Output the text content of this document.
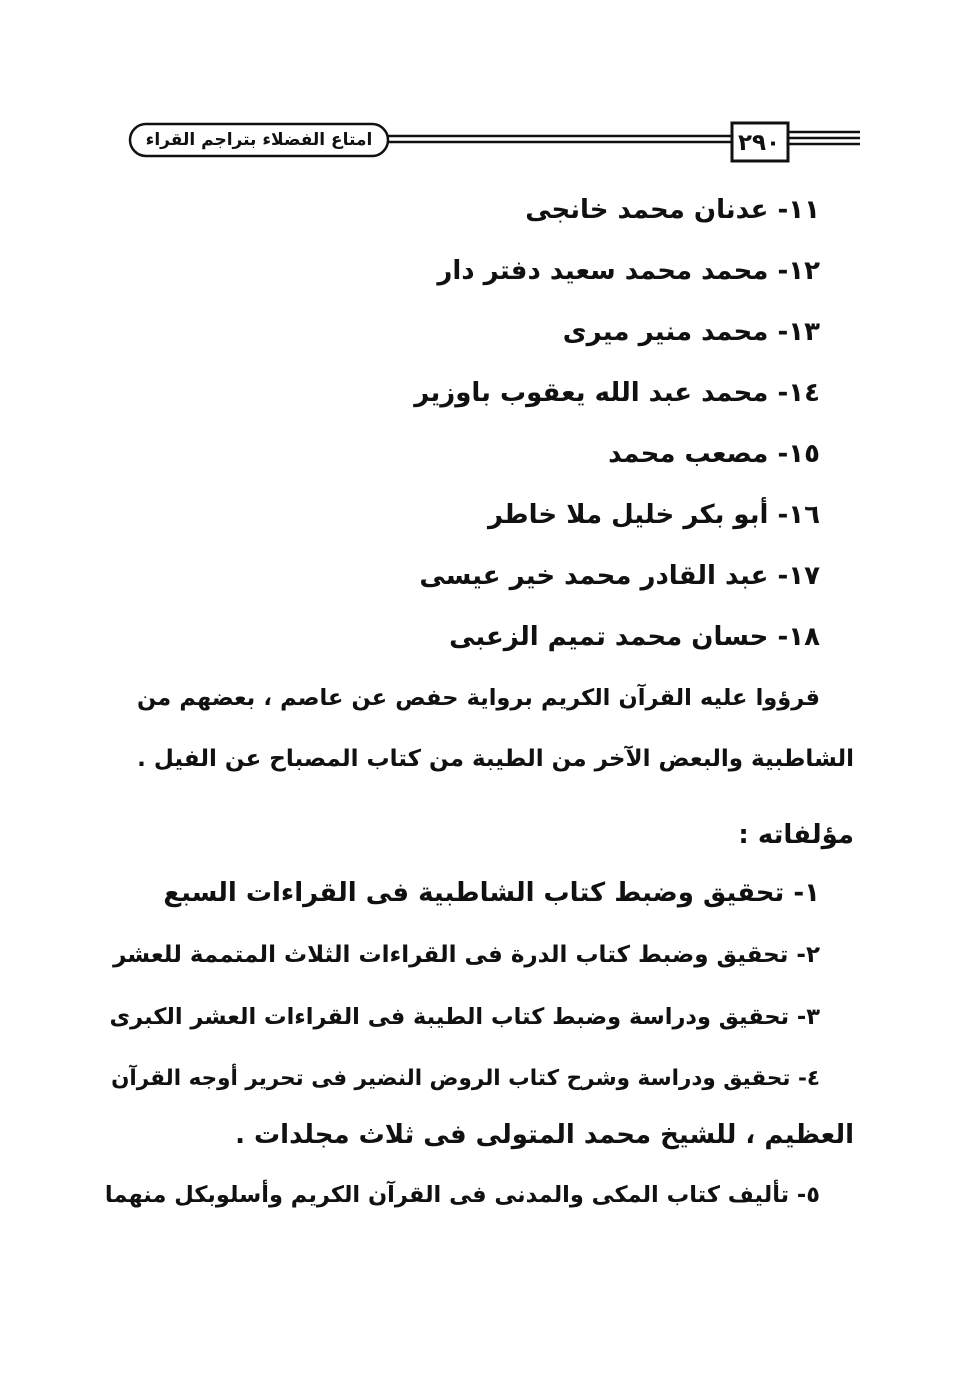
امتاع الفضلاء بتراجم القراء	٢٩٠
١١- عدنان محمد خانجى
١٢- محمد محمد سعيد دفتر دار
١٣- محمد منير ميرى
١٤- محمد عبد الله يعقوب باوزير
١٥- مصعب محمد
١٦- أبو بكر خليل ملا خاطر
١٧- عبد القادر محمد خير عيسى
١٨- حسان محمد تميم الزعبى
قرؤوا عليه القرآن الكريم برواية حفص عن عاصم ، بعضهم من
الشاطبية والبعض الآخر من الطيبة من كتاب المصباح عن الفيل .
مؤلفاته :
١- تحقيق وضبط كتاب الشاطبية فى القراءات السبع
٢- تحقيق وضبط كتاب الدرة فى القراءات الثلاث المتممة للعشر
٣- تحقيق ودراسة وضبط كتاب الطيبة فى القراءات العشر الكبرى
٤- تحقيق ودراسة وشرح كتاب الروض النضير فى تحرير أوجه القرآن
العظيم ، للشيخ محمد المتولى فى ثلاث مجلدات .
٥- تأليف كتاب المكى والمدنى فى القرآن الكريم وأسلوبكل منهما
